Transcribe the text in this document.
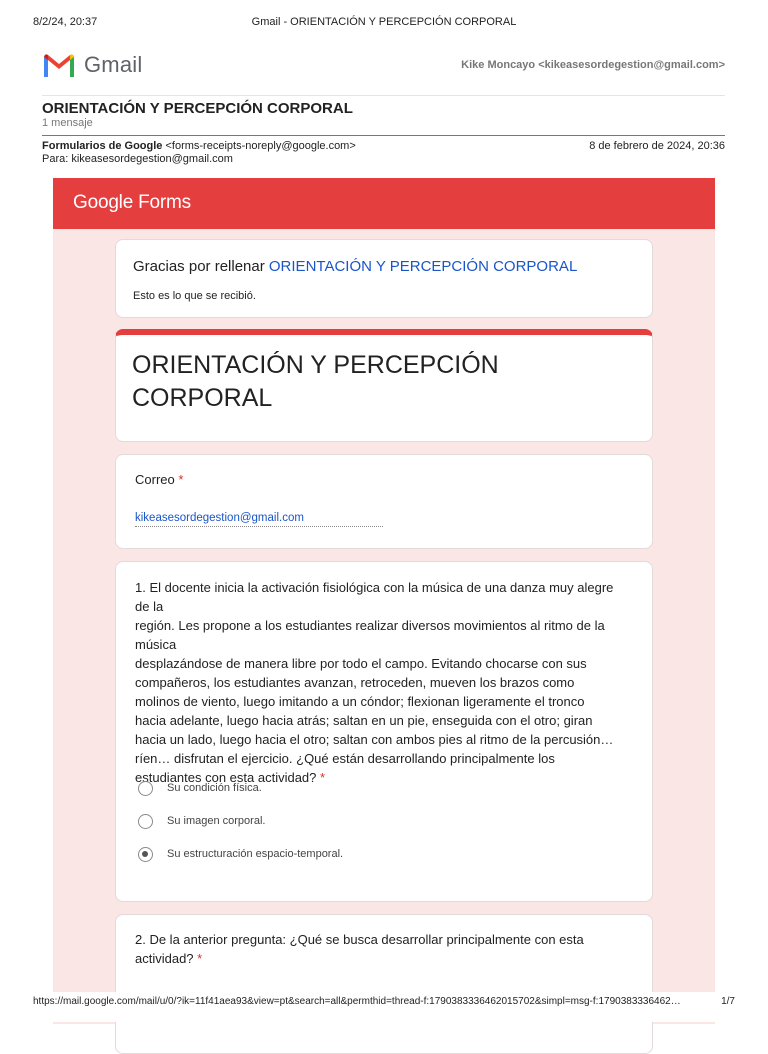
8/2/24, 20:37	Gmail - ORIENTACIÓN Y PERCEPCIÓN CORPORAL
Gmail	Kike Moncayo <kikeasesordegestion@gmail.com>
ORIENTACIÓN Y PERCEPCIÓN CORPORAL
1 mensaje
Formularios de Google <forms-receipts-noreply@google.com>	8 de febrero de 2024, 20:36
Para: kikeasesordegestion@gmail.com
Google Forms
Gracias por rellenar ORIENTACIÓN Y PERCEPCIÓN CORPORAL
Esto es lo que se recibió.
ORIENTACIÓN Y PERCEPCIÓN CORPORAL
Correo *
kikeasesordegestion@gmail.com
1. El docente inicia la activación fisiológica con la música de una danza muy alegre
de la
región. Les propone a los estudiantes realizar diversos movimientos al ritmo de la
música
desplazándose de manera libre por todo el campo. Evitando chocarse con sus
compañeros, los estudiantes avanzan, retroceden, mueven los brazos como
molinos de viento, luego imitando a un cóndor; flexionan ligeramente el tronco
hacia adelante, luego hacia atrás; saltan en un pie, enseguida con el otro; giran
hacia un lado, luego hacia el otro; saltan con ambos pies al ritmo de la percusión…
ríen… disfrutan el ejercicio. ¿Qué están desarrollando principalmente los
estudiantes con esta actividad? *
Su condición física.
Su imagen corporal.
Su estructuración espacio-temporal.
2. De la anterior pregunta: ¿Qué se busca desarrollar principalmente con esta
actividad? *
https://mail.google.com/mail/u/0/?ik=11f41aea93&view=pt&search=all&permthid=thread-f:1790383336462015702&simpl=msg-f:1790383336462…	1/7
